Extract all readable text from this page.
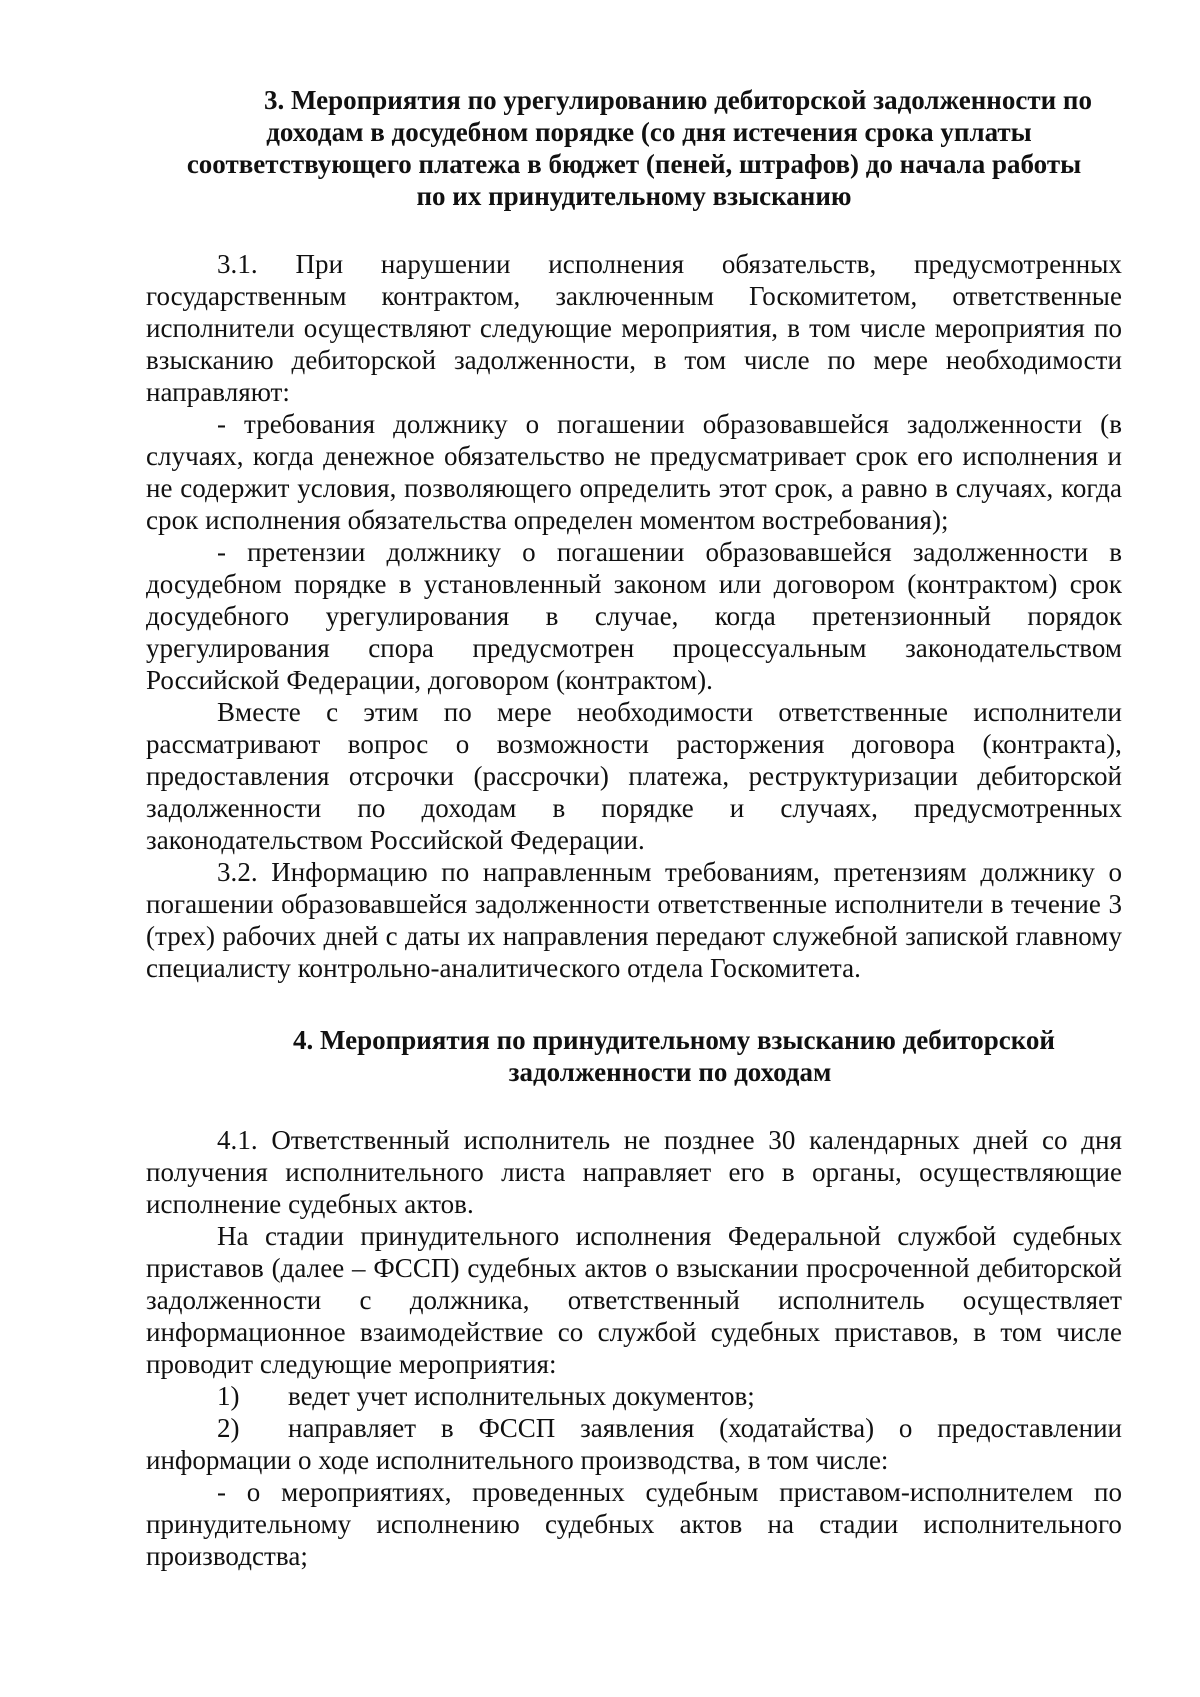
3. Мероприятия по урегулированию дебиторской задолженности по
доходам в досудебном порядке (со дня истечения срока уплаты
соответствующего платежа в бюджет (пеней, штрафов) до начала работы
по их принудительному взысканию

3.1. При нарушении исполнения обязательств, предусмотренных государственным контрактом, заключенным Госкомитетом, ответственные исполнители осуществляют следующие мероприятия, в том числе мероприятия по взысканию дебиторской задолженности, в том числе по мере необходимости направляют:

- требования должнику о погашении образовавшейся задолженности (в случаях, когда денежное обязательство не предусматривает срок его исполнения и не содержит условия, позволяющего определить этот срок, а равно в случаях, когда срок исполнения обязательства определен моментом востребования);

- претензии должнику о погашении образовавшейся задолженности в досудебном порядке в установленный законом или договором (контрактом) срок досудебного урегулирования в случае, когда претензионный порядок урегулирования спора предусмотрен процессуальным законодательством Российской Федерации, договором (контрактом).

Вместе с этим по мере необходимости ответственные исполнители рассматривают вопрос о возможности расторжения договора (контракта), предоставления отсрочки (рассрочки) платежа, реструктуризации дебиторской задолженности по доходам в порядке и случаях, предусмотренных законодательством Российской Федерации.

3.2. Информацию по направленным требованиям, претензиям должнику о погашении образовавшейся задолженности ответственные исполнители в течение 3 (трех) рабочих дней с даты их направления передают служебной запиской главному специалисту контрольно-аналитического отдела Госкомитета.

4. Мероприятия по принудительному взысканию дебиторской
задолженности по доходам

4.1. Ответственный исполнитель не позднее 30 календарных дней со дня получения исполнительного листа направляет его в органы, осуществляющие исполнение судебных актов.

На стадии принудительного исполнения Федеральной службой судебных приставов (далее – ФССП) судебных актов о взыскании просроченной дебиторской задолженности с должника, ответственный исполнитель осуществляет информационное взаимодействие со службой судебных приставов, в том числе проводит следующие мероприятия:

1) ведет учет исполнительных документов;

2) направляет в ФССП заявления (ходатайства) о предоставлении информации о ходе исполнительного производства, в том числе:

- о мероприятиях, проведенных судебным приставом-исполнителем по принудительному исполнению судебных актов на стадии исполнительного производства;
